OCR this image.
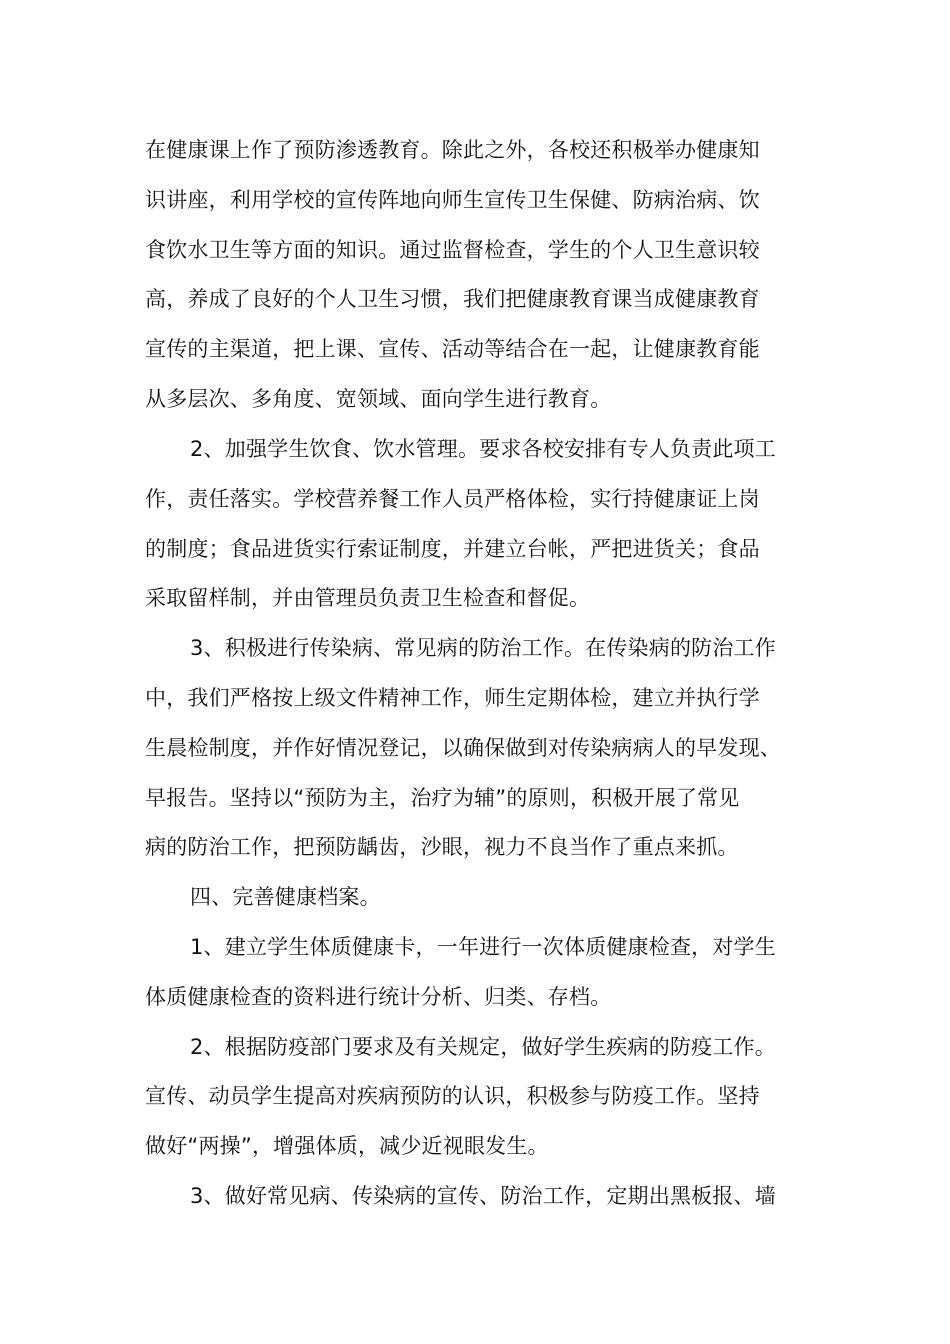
在健康课上作了预防渗透教育。除此之外，各校还积极举办健康知
识讲座，利用学校的宣传阵地向师生宣传卫生保健、防病治病、饮
食饮水卫生等方面的知识。通过监督检查，学生的个人卫生意识较
高，养成了良好的个人卫生习惯，我们把健康教育课当成健康教育
宣传的主渠道，把上课、宣传、活动等结合在一起，让健康教育能
从多层次、多角度、宽领域、面向学生进行教育。
2、加强学生饮食、饮水管理。要求各校安排有专人负责此项工
作，责任落实。学校营养餐工作人员严格体检，实行持健康证上岗
的制度；食品进货实行索证制度，并建立台帐，严把进货关；食品
采取留样制，并由管理员负责卫生检查和督促。
3、积极进行传染病、常见病的防治工作。在传染病的防治工作
中，我们严格按上级文件精神工作，师生定期体检，建立并执行学
生晨检制度，并作好情况登记，以确保做到对传染病病人的早发现、
早报告。坚持以“预防为主，治疗为辅”的原则，积极开展了常见
病的防治工作，把预防龋齿，沙眼，视力不良当作了重点来抓。
四、完善健康档案。
1、建立学生体质健康卡，一年进行一次体质健康检查，对学生
体质健康检查的资料进行统计分析、归类、存档。
2、根据防疫部门要求及有关规定，做好学生疾病的防疫工作。
宣传、动员学生提高对疾病预防的认识，积极参与防疫工作。坚持
做好“两操”，增强体质，减少近视眼发生。
3、做好常见病、传染病的宣传、防治工作，定期出黑板报、墙
